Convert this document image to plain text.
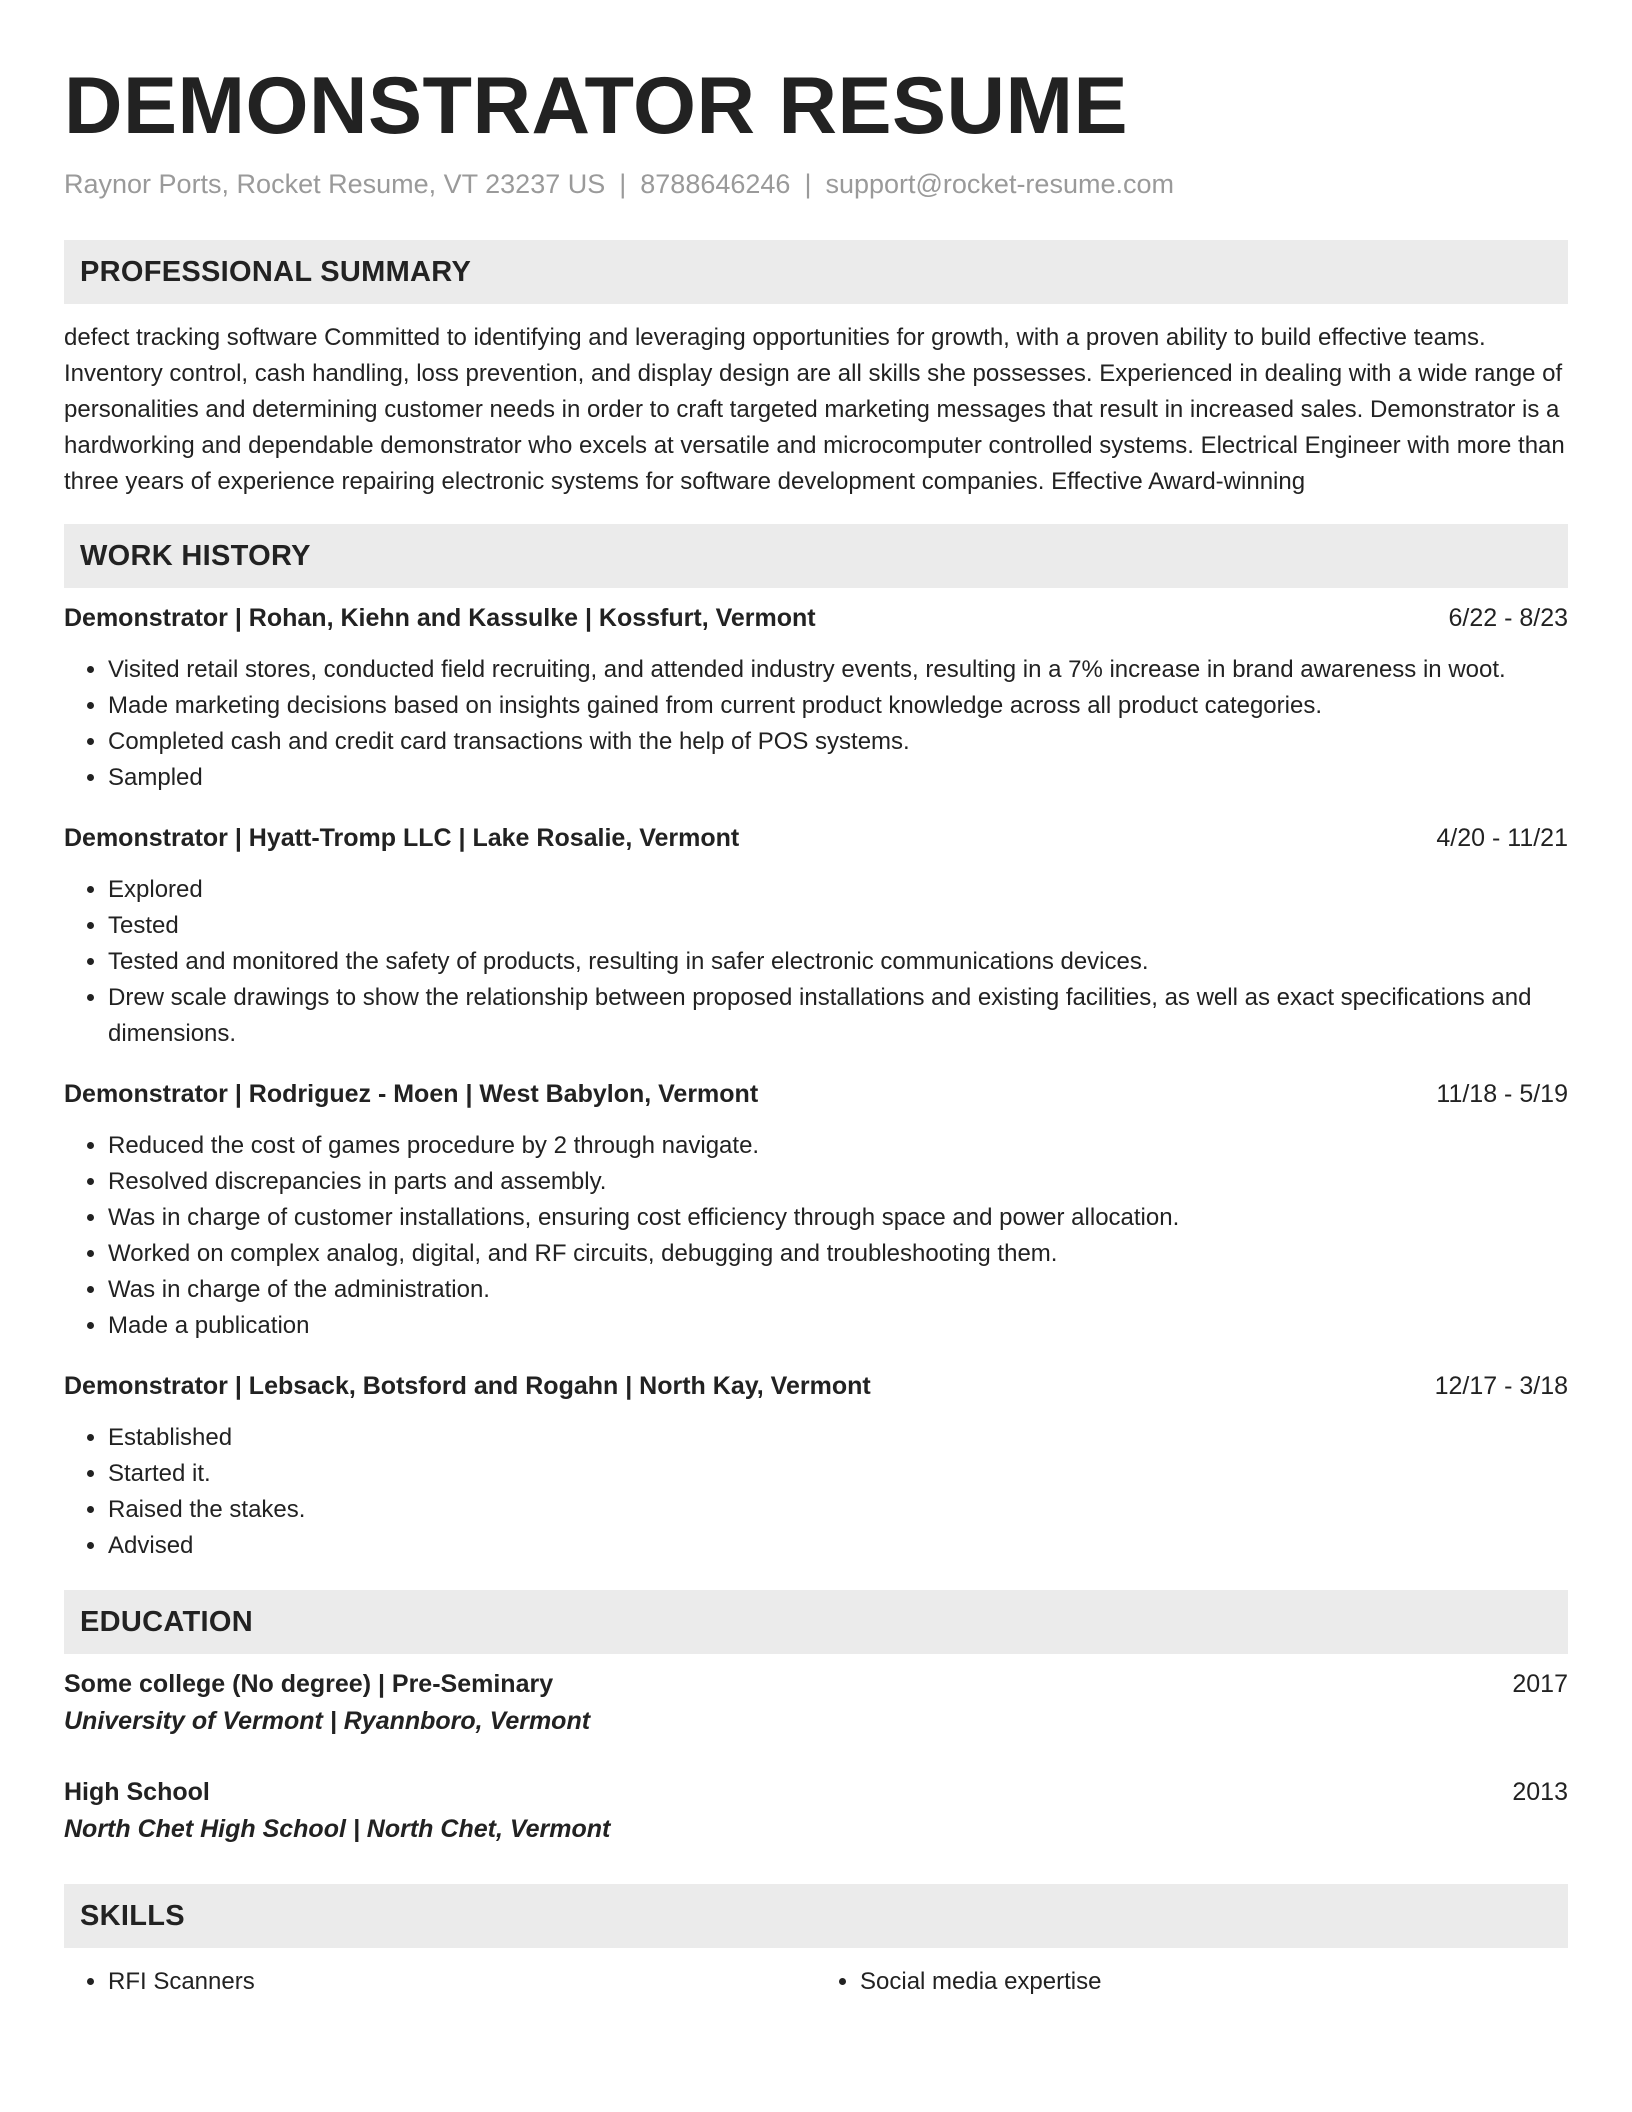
DEMONSTRATOR RESUME
Raynor Ports, Rocket Resume, VT 23237 US | 8788646246 | support@rocket-resume.com
PROFESSIONAL SUMMARY
defect tracking software Committed to identifying and leveraging opportunities for growth, with a proven ability to build effective teams. Inventory control, cash handling, loss prevention, and display design are all skills she possesses. Experienced in dealing with a wide range of personalities and determining customer needs in order to craft targeted marketing messages that result in increased sales. Demonstrator is a hardworking and dependable demonstrator who excels at versatile and microcomputer controlled systems. Electrical Engineer with more than three years of experience repairing electronic systems for software development companies. Effective Award-winning
WORK HISTORY
Demonstrator | Rohan, Kiehn and Kassulke | Kossfurt, Vermont	6/22 - 8/23
• Visited retail stores, conducted field recruiting, and attended industry events, resulting in a 7% increase in brand awareness in woot.
• Made marketing decisions based on insights gained from current product knowledge across all product categories.
• Completed cash and credit card transactions with the help of POS systems.
• Sampled
Demonstrator | Hyatt-Tromp LLC | Lake Rosalie, Vermont	4/20 - 11/21
• Explored
• Tested
• Tested and monitored the safety of products, resulting in safer electronic communications devices.
• Drew scale drawings to show the relationship between proposed installations and existing facilities, as well as exact specifications and dimensions.
Demonstrator | Rodriguez - Moen | West Babylon, Vermont	11/18 - 5/19
• Reduced the cost of games procedure by 2 through navigate.
• Resolved discrepancies in parts and assembly.
• Was in charge of customer installations, ensuring cost efficiency through space and power allocation.
• Worked on complex analog, digital, and RF circuits, debugging and troubleshooting them.
• Was in charge of the administration.
• Made a publication
Demonstrator | Lebsack, Botsford and Rogahn | North Kay, Vermont	12/17 - 3/18
• Established
• Started it.
• Raised the stakes.
• Advised
EDUCATION
Some college (No degree) | Pre-Seminary	2017
University of Vermont | Ryannboro, Vermont
High School	2013
North Chet High School | North Chet, Vermont
SKILLS
• RFI Scanners
•	Social media expertise
